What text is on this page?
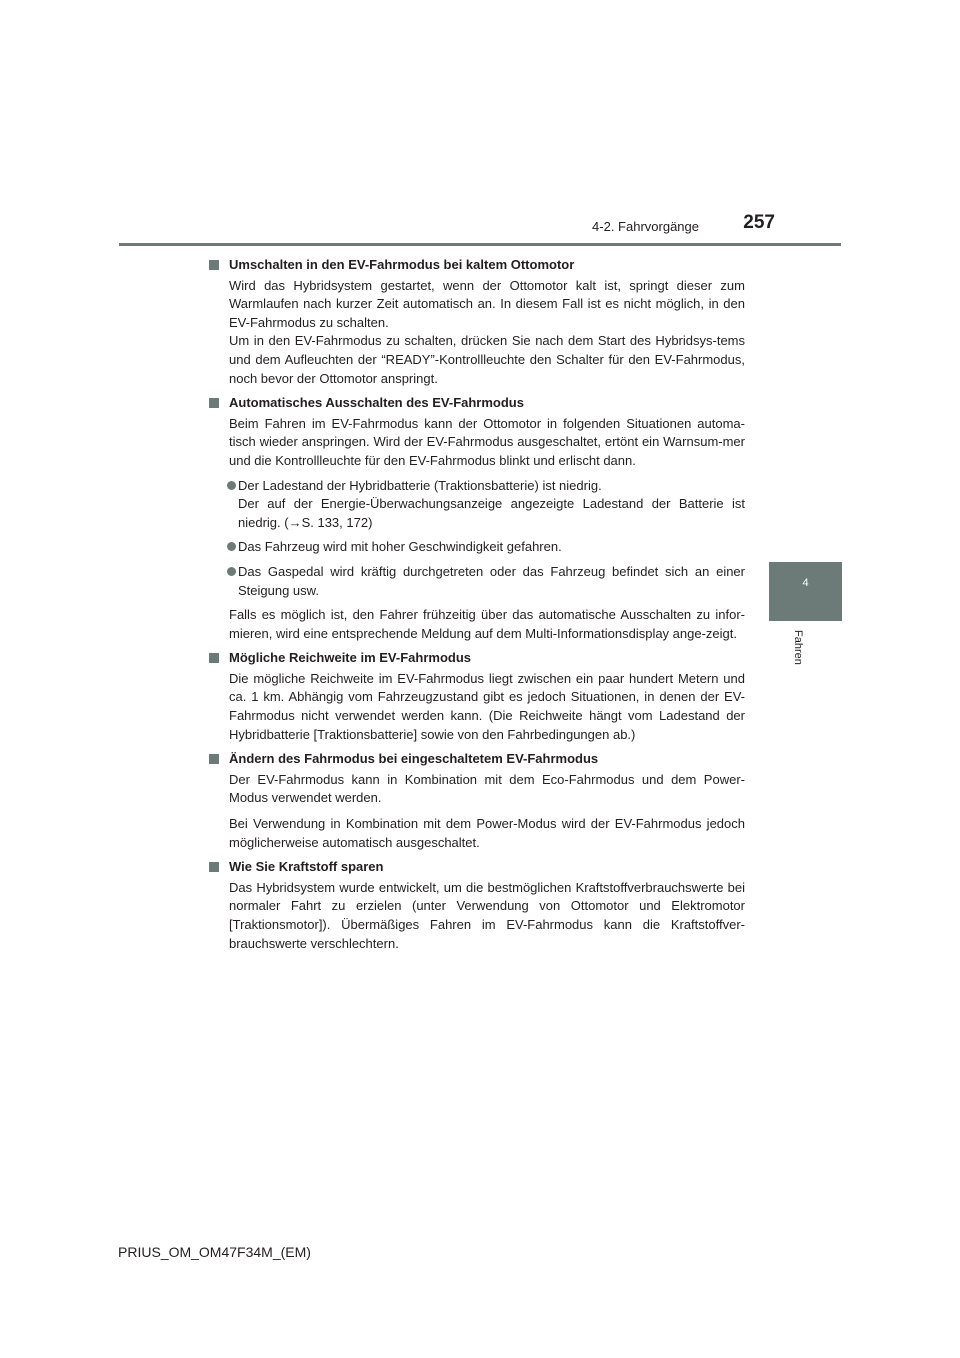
4-2. Fahrvorgänge	257
4
Fahren
Umschalten in den EV-Fahrmodus bei kaltem Ottomotor
Wird das Hybridsystem gestartet, wenn der Ottomotor kalt ist, springt dieser zum Warmlaufen nach kurzer Zeit automatisch an. In diesem Fall ist es nicht möglich, in den EV-Fahrmodus zu schalten.
Um in den EV-Fahrmodus zu schalten, drücken Sie nach dem Start des Hybridsys-tems und dem Aufleuchten der “READY”-Kontrollleuchte den Schalter für den EV-Fahrmodus, noch bevor der Ottomotor anspringt.
Automatisches Ausschalten des EV-Fahrmodus
Beim Fahren im EV-Fahrmodus kann der Ottomotor in folgenden Situationen automa-tisch wieder anspringen. Wird der EV-Fahrmodus ausgeschaltet, ertönt ein Warnsum-mer und die Kontrollleuchte für den EV-Fahrmodus blinkt und erlischt dann.
Der Ladestand der Hybridbatterie (Traktionsbatterie) ist niedrig.
Der auf der Energie-Überwachungsanzeige angezeigte Ladestand der Batterie ist niedrig. (→S. 133, 172)
Das Fahrzeug wird mit hoher Geschwindigkeit gefahren.
Das Gaspedal wird kräftig durchgetreten oder das Fahrzeug befindet sich an einer Steigung usw.
Falls es möglich ist, den Fahrer frühzeitig über das automatische Ausschalten zu infor-mieren, wird eine entsprechende Meldung auf dem Multi-Informationsdisplay ange-zeigt.
Mögliche Reichweite im EV-Fahrmodus
Die mögliche Reichweite im EV-Fahrmodus liegt zwischen ein paar hundert Metern und ca. 1 km. Abhängig vom Fahrzeugzustand gibt es jedoch Situationen, in denen der EV-Fahrmodus nicht verwendet werden kann. (Die Reichweite hängt vom Ladestand der Hybridbatterie [Traktionsbatterie] sowie von den Fahrbedingungen ab.)
Ändern des Fahrmodus bei eingeschaltetem EV-Fahrmodus
Der EV-Fahrmodus kann in Kombination mit dem Eco-Fahrmodus und dem Power-Modus verwendet werden.
Bei Verwendung in Kombination mit dem Power-Modus wird der EV-Fahrmodus jedoch möglicherweise automatisch ausgeschaltet.
Wie Sie Kraftstoff sparen
Das Hybridsystem wurde entwickelt, um die bestmöglichen Kraftstoffverbrauchswerte bei normaler Fahrt zu erzielen (unter Verwendung von Ottomotor und Elektromotor [Traktionsmotor]). Übermäßiges Fahren im EV-Fahrmodus kann die Kraftstoffver-brauchswerte verschlechtern.
PRIUS_OM_OM47F34M_(EM)
